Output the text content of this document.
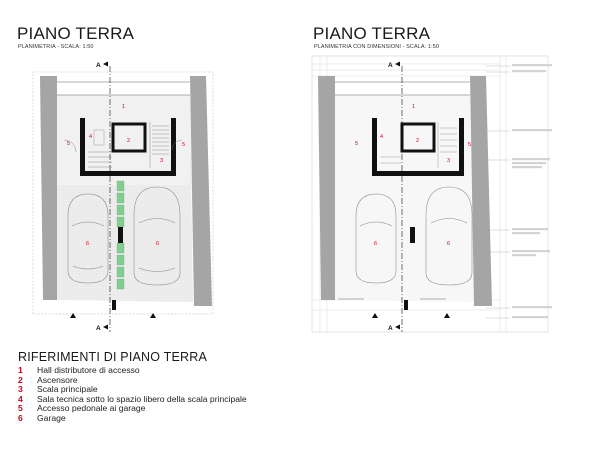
PIANO TERRA
PLANIMETRIA - SCALA: 1:50
PIANO TERRA
PLANIMETRIA CON DIMENSIONI - SCALA: 1:50
1
2
3
4
5	5
6	6
A
A
1
2
3
4
5	5
6	6
A
A
RIFERIMENTI DI PIANO TERRA
1	Hall distributore di accesso
2	Ascensore
3	Scala principale
4	Sala tecnica sotto lo spazio libero della scala principale
5	Accesso pedonale ai garage
6	Garage
